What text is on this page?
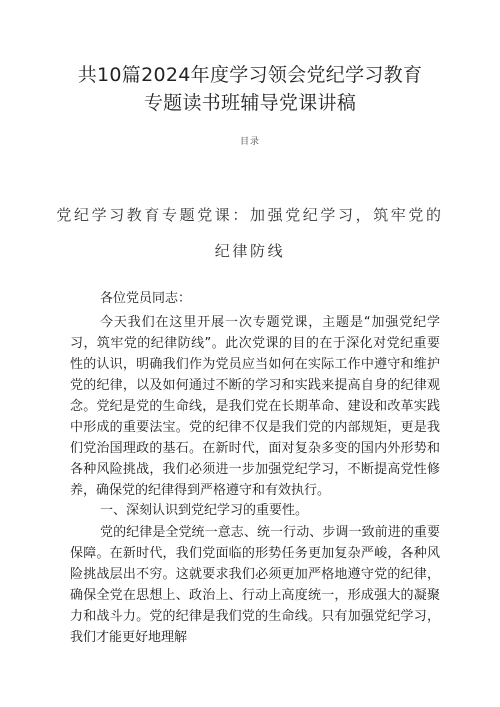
共10篇2024年度学习领会党纪学习教育
专题读书班辅导党课讲稿
目录
党纪学习教育专题党课：加强党纪学习，筑牢党的
纪律防线
各位党员同志：
今天我们在这里开展一次专题党课，主题是“加强党纪学习，筑牢党的纪律防线”。此次党课的目的在于深化对党纪重要性的认识，明确我们作为党员应当如何在实际工作中遵守和维护党的纪律，以及如何通过不断的学习和实践来提高自身的纪律观念。党纪是党的生命线，是我们党在长期革命、建设和改革实践中形成的重要法宝。党的纪律不仅是我们党的内部规矩，更是我们党治国理政的基石。在新时代，面对复杂多变的国内外形势和各种风险挑战，我们必须进一步加强党纪学习，不断提高党性修养，确保党的纪律得到严格遵守和有效执行。
一、深刻认识到党纪学习的重要性。
党的纪律是全党统一意志、统一行动、步调一致前进的重要保障。在新时代，我们党面临的形势任务更加复杂严峻，各种风险挑战层出不穷。这就要求我们必须更加严格地遵守党的纪律，确保全党在思想上、政治上、行动上高度统一，形成强大的凝聚力和战斗力。党的纪律是我们党的生命线。只有加强党纪学习，我们才能更好地理解
